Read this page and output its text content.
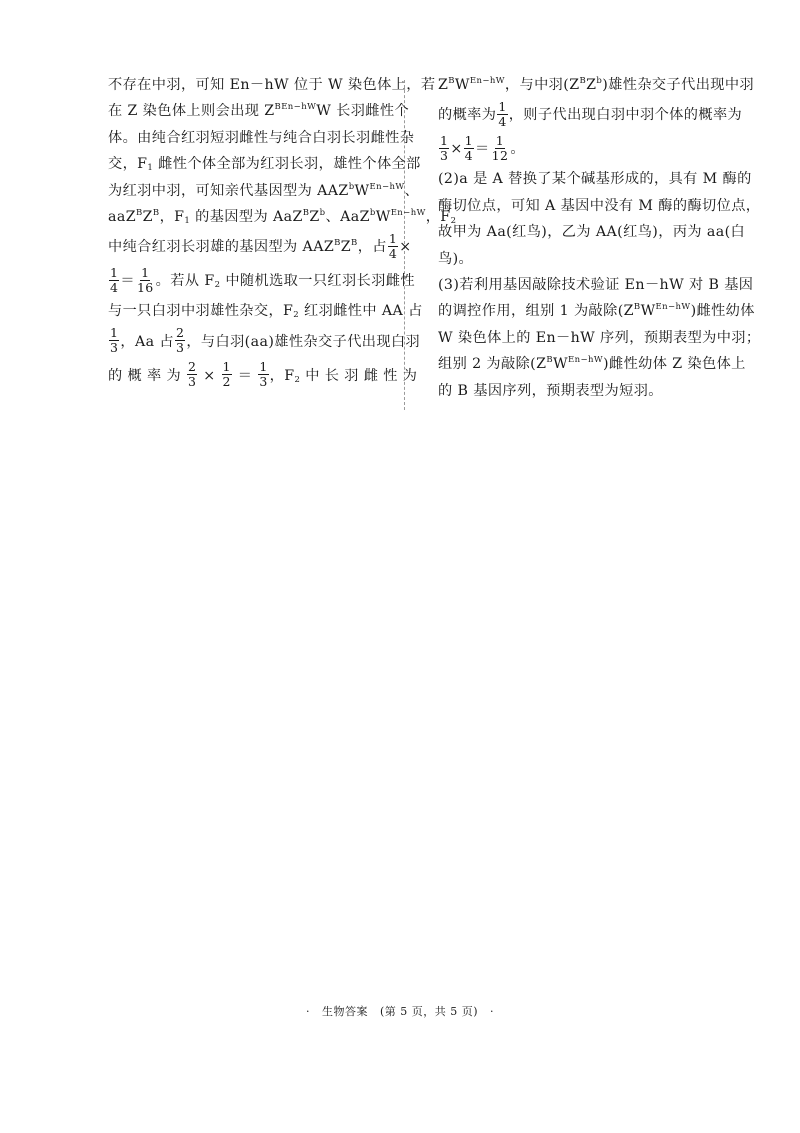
不存在中羽，可知 En－hW 位于 W 染色体上，若
在 Z 染色体上则会出现 $Z^{BEn-hW}W$ 长羽雌性个
体。由纯合红羽短羽雌性与纯合白羽长羽雌性杂
交，$F_1$ 雌性个体全部为红羽长羽，雄性个体全部
为红羽中羽，可知亲代基因型为 $AAZ^bW^{En-hW}$、
$aaZ^BZ^B$，$F_1$ 的基因型为 $AaZ^BZ^b$、$AaZ^bW^{En-hW}$，$F_2$
中纯合红羽长羽雄的基因型为 $AAZ^BZ^B$，占 $\frac{1}{4}$ ×
$\frac{1}{4} = \frac{1}{16}$ 。若从 $F_2$ 中随机选取一只红羽长羽雌性
与一只白羽中羽雄性杂交，$F_2$ 红羽雌性中 AA 占
$\frac{1}{3}$ ，Aa 占 $\frac{2}{3}$ ，与白羽(aa)雄性杂交子代出现白羽
的 概 率 为 $\frac{2}{3} \times \frac{1}{2} = \frac{1}{3}$ ，$F_2$ 中 长 羽 雌 性 为
$Z^BW^{En-hW}$，与中羽$(Z^BZ^b)$雄性杂交子代出现中羽
的概率为 $\frac{1}{4}$ ，则子代出现白羽中羽个体的概率为
$\frac{1}{3} \times \frac{1}{4} = \frac{1}{12}$ 。
(2)a 是 A 替换了某个碱基形成的，具有 M 酶的
酶切位点，可知 A 基因中没有 M 酶的酶切位点，
故甲为 Aa(红鸟)，乙为 AA(红鸟)，丙为 aa(白
鸟)。
(3)若利用基因敲除技术验证 En－hW 对 B 基因
的调控作用，组别 1 为敲除$(Z^BW^{En-hW})$雌性幼体
W 染色体上的 En－hW 序列，预期表型为中羽；
组别 2 为敲除$(Z^BW^{En-hW})$雌性幼体 Z 染色体上
的 B 基因序列，预期表型为短羽。
· 生物答案 (第 5 页，共 5 页) ·
